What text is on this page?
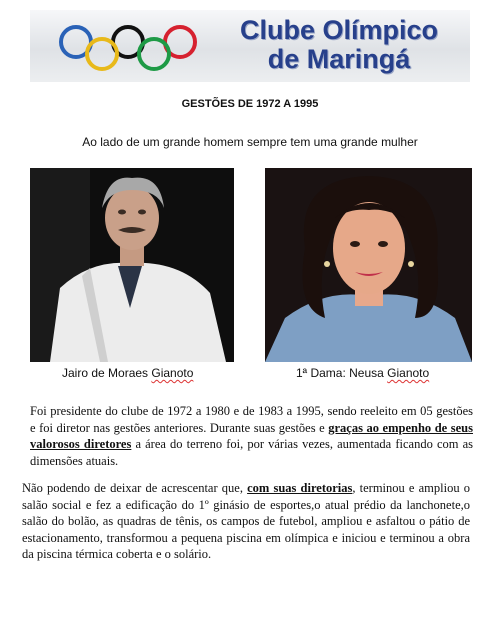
Clube Olímpico
de Maringá
GESTÕES DE 1972 A 1995
Ao lado de um grande homem sempre tem uma grande mulher
Jairo de Moraes Gianoto	1ª Dama: Neusa Gianoto

Foi presidente do clube de 1972 a 1980 e de 1983 a 1995, sendo reeleito em 05 gestões e foi diretor nas gestões anteriores. Durante suas gestões e graças ao empenho de seus valorosos diretores a área do terreno foi, por várias vezes, aumentada ficando com as dimensões atuais.

Não podendo de deixar de acrescentar que, com suas diretorias, terminou e ampliou o salão social e fez a edificação do 1º ginásio de esportes,o atual prédio da lanchonete,o salão do bolão, as quadras de tênis, os campos de futebol, ampliou e asfaltou o pátio de estacionamento, transformou a pequena piscina em olímpica e iniciou e terminou a obra da piscina térmica coberta e o solário.
